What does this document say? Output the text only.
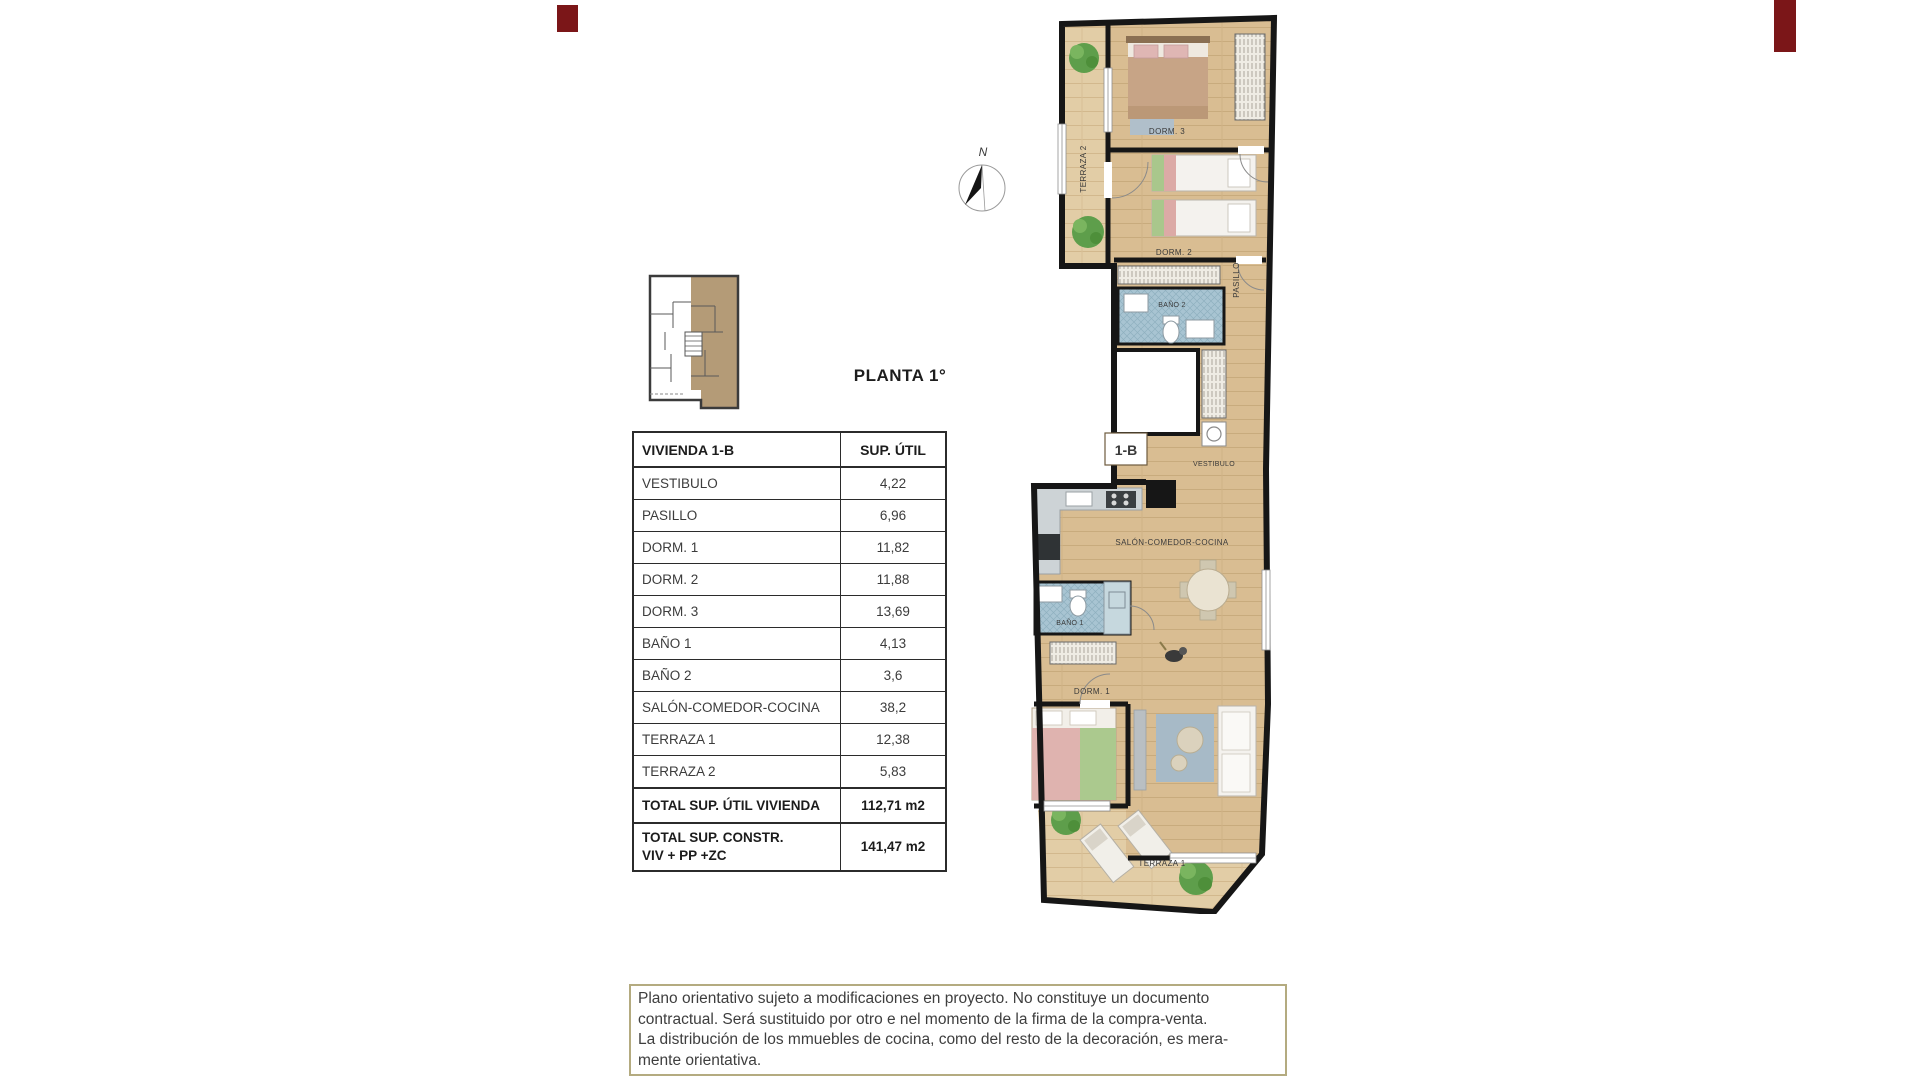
PLANTA 1°
N
VIVIENDA 1-B	SUP. ÚTIL
VESTIBULO	4,22
PASILLO	6,96
DORM. 1	11,82
DORM. 2	11,88
DORM. 3	13,69
BAÑO 1	4,13
BAÑO 2	3,6
SALÓN-COMEDOR-COCINA	38,2
TERRAZA 1	12,38
TERRAZA 2	5,83
TOTAL SUP. ÚTIL VIVIENDA	112,71 m2
TOTAL SUP. CONSTR.
VIV + PP +ZC	141,47 m2
TERRAZA 2
DORM. 3
DORM. 2
BAÑO 2
PASILLO
VESTIBULO
SALÓN-COMEDOR-COCINA
BAÑO 1
DORM. 1
TERRAZA 1
1-B
Plano orientativo sujeto a modificaciones en proyecto. No constituye un documento
contractual. Será sustituido por otro e nel momento de la firma de la compra-venta.
La distribución de los mmuebles de cocina, como del resto de la decoración, es mera-
mente orientativa.
